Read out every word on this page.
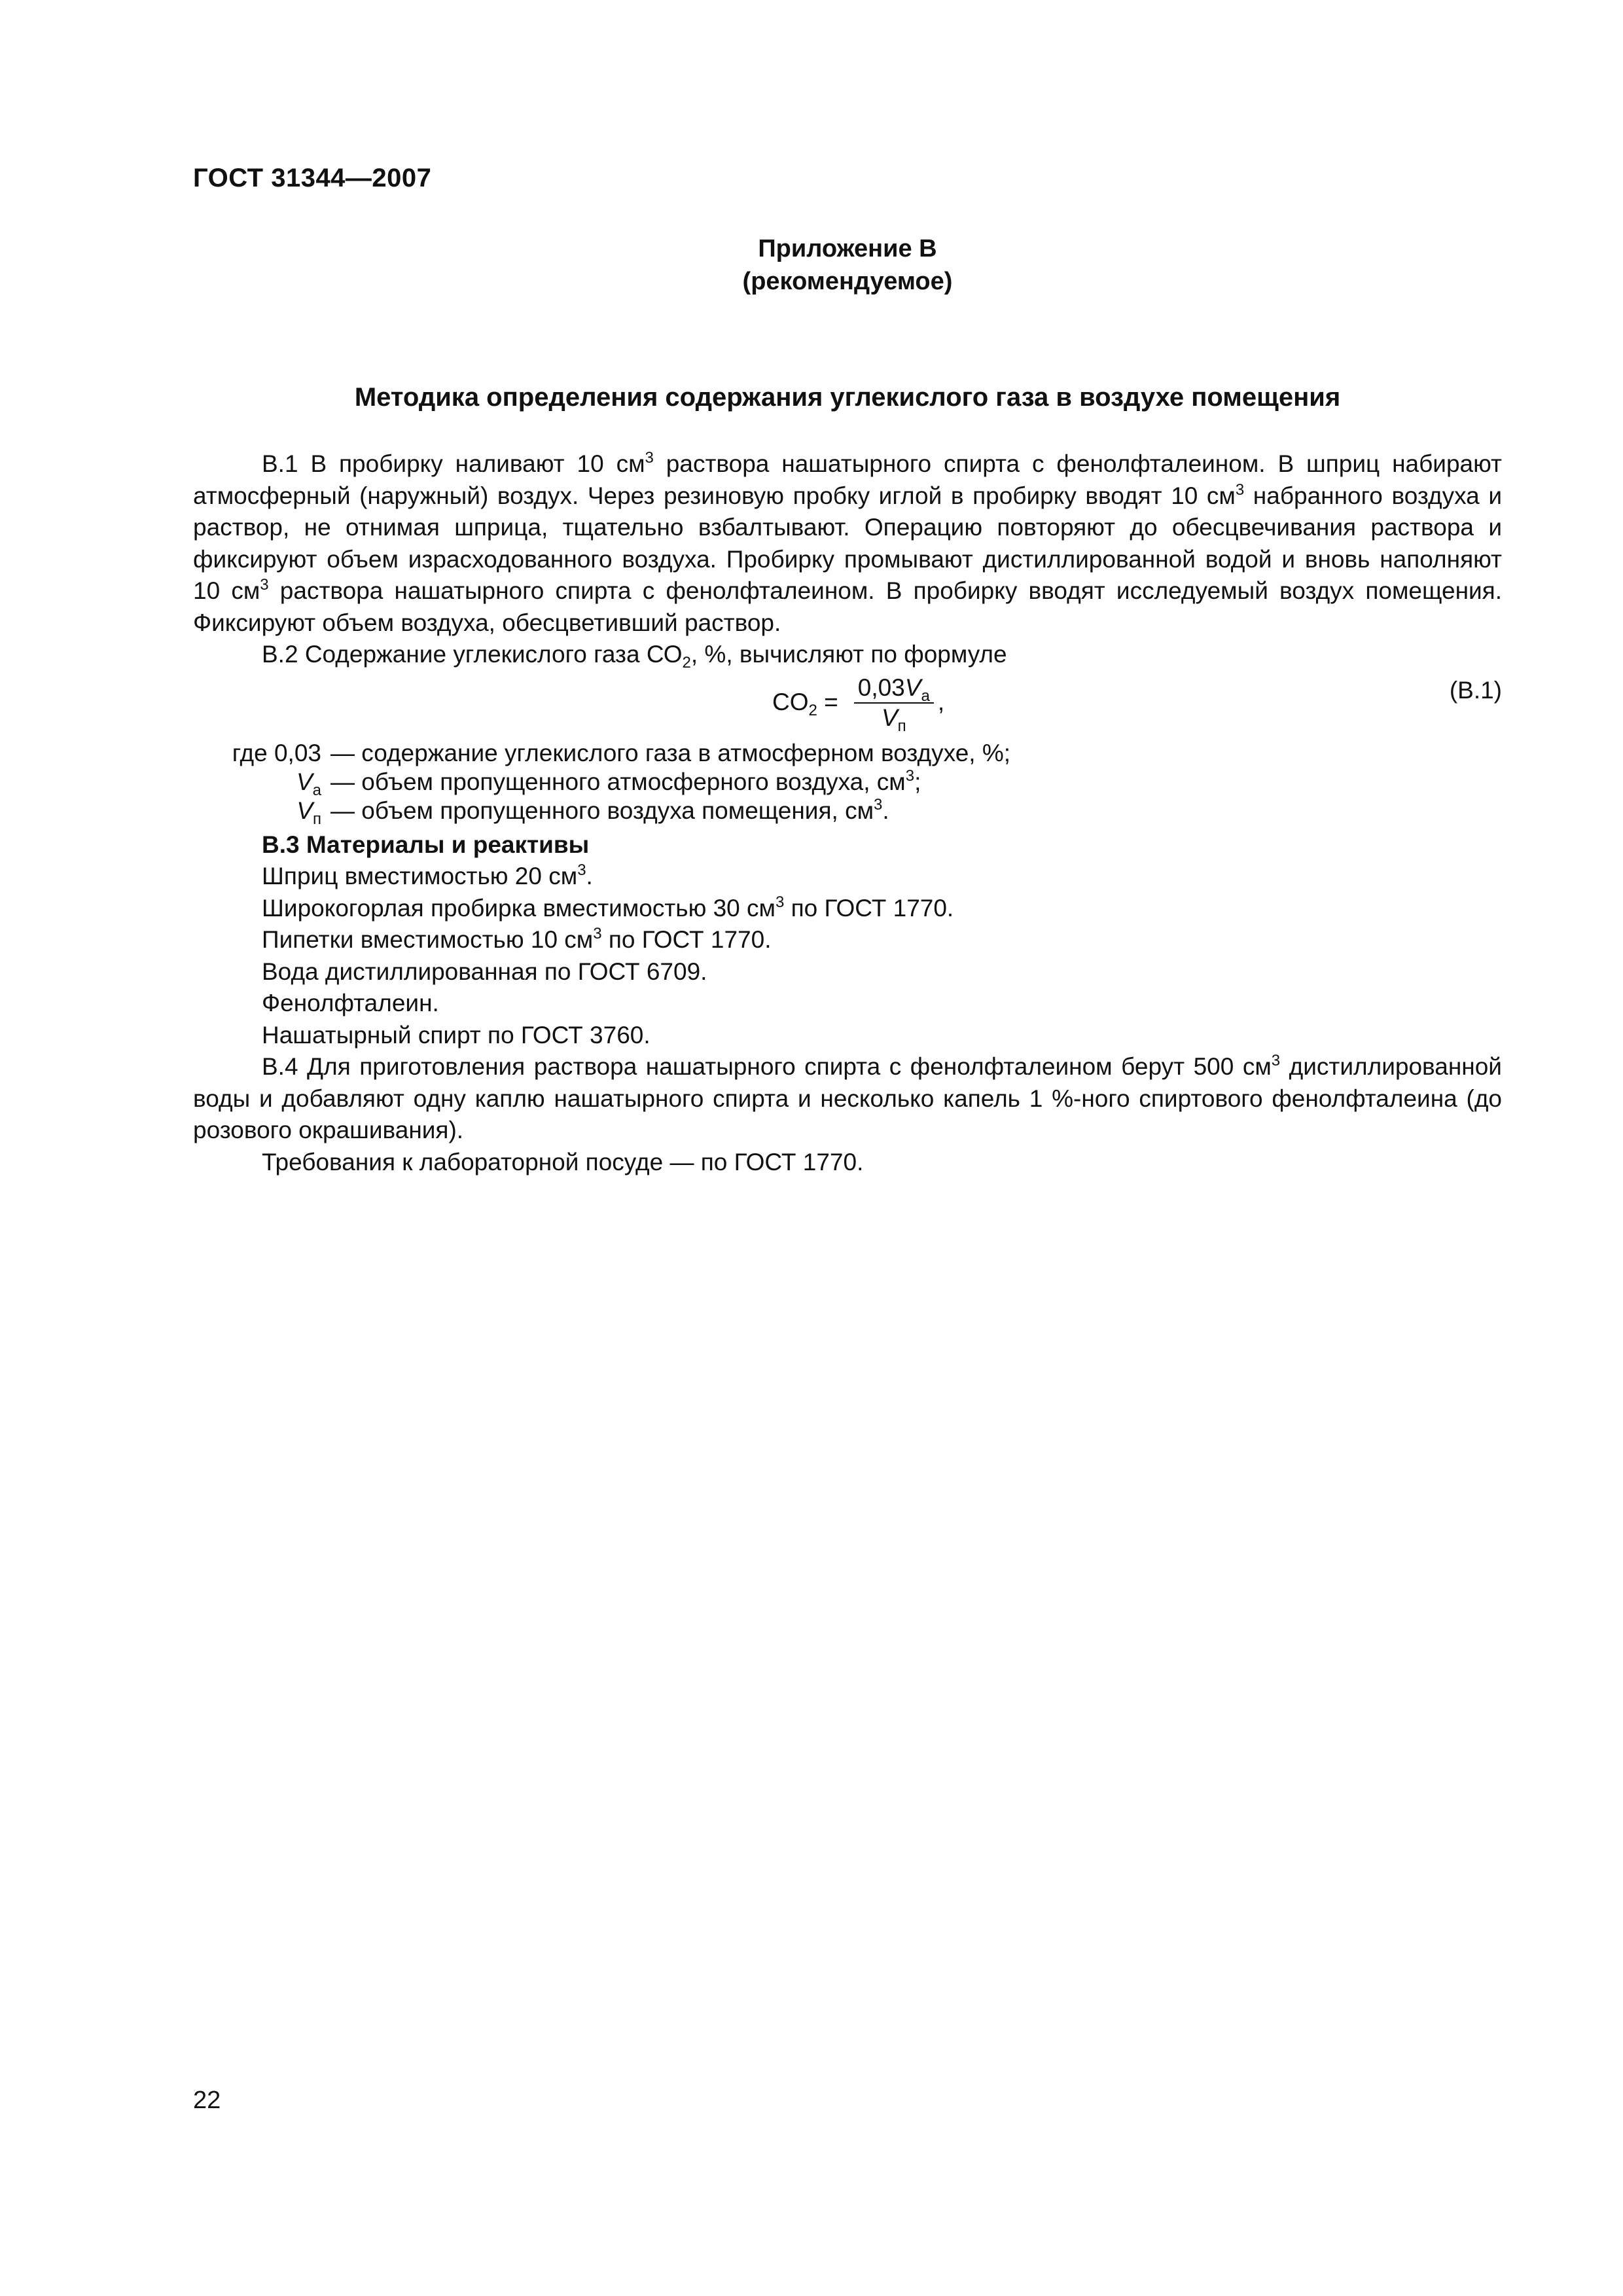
ГОСТ 31344—2007
Приложение В
(рекомендуемое)
Методика определения содержания углекислого газа в воздухе помещения

В.1 В пробирку наливают 10 $см^3$ раствора нашатырного спирта с фенолфталеином. В шприц набирают атмосферный (наружный) воздух. Через резиновую пробку иглой в пробирку вводят 10 $см^3$ набранного воздуха и раствор, не отнимая шприца, тщательно взбалтывают. Операцию повторяют до обесцвечивания раствора и фиксируют объем израсходованного воздуха. Пробирку промывают дистиллированной водой и вновь наполняют 10 $см^3$ раствора нашатырного спирта с фенолфталеином. В пробирку вводят исследуемый воздух помещения. Фиксируют объем воздуха, обесцветивший раствор.

В.2 Содержание углекислого газа $СО_2$, %, вычисляют по формуле

$CO_2 = \frac{0,03V_a}{V_п}$ ,	(В.1)
где 0,03 — содержание углекислого газа в атмосферном воздухе, %;
$V_а$ — объем пропущенного атмосферного воздуха, $см^3$;
$V_п$ — объем пропущенного воздуха помещения, $см^3$.
В.3 Материалы и реактивы

Шприц вместимостью 20 $см^3$.

Широкогорлая пробирка вместимостью 30 $см^3$ по ГОСТ 1770.

Пипетки вместимостью 10 $см^3$ по ГОСТ 1770.

Вода дистиллированная по ГОСТ 6709.

Фенолфталеин.

Нашатырный спирт по ГОСТ 3760.

В.4 Для приготовления раствора нашатырного спирта с фенолфталеином берут 500 $см^3$ дистиллированной воды и добавляют одну каплю нашатырного спирта и несколько капель 1 %-ного спиртового фенолфталеина (до розового окрашивания).

Требования к лабораторной посуде — по ГОСТ 1770.

22
